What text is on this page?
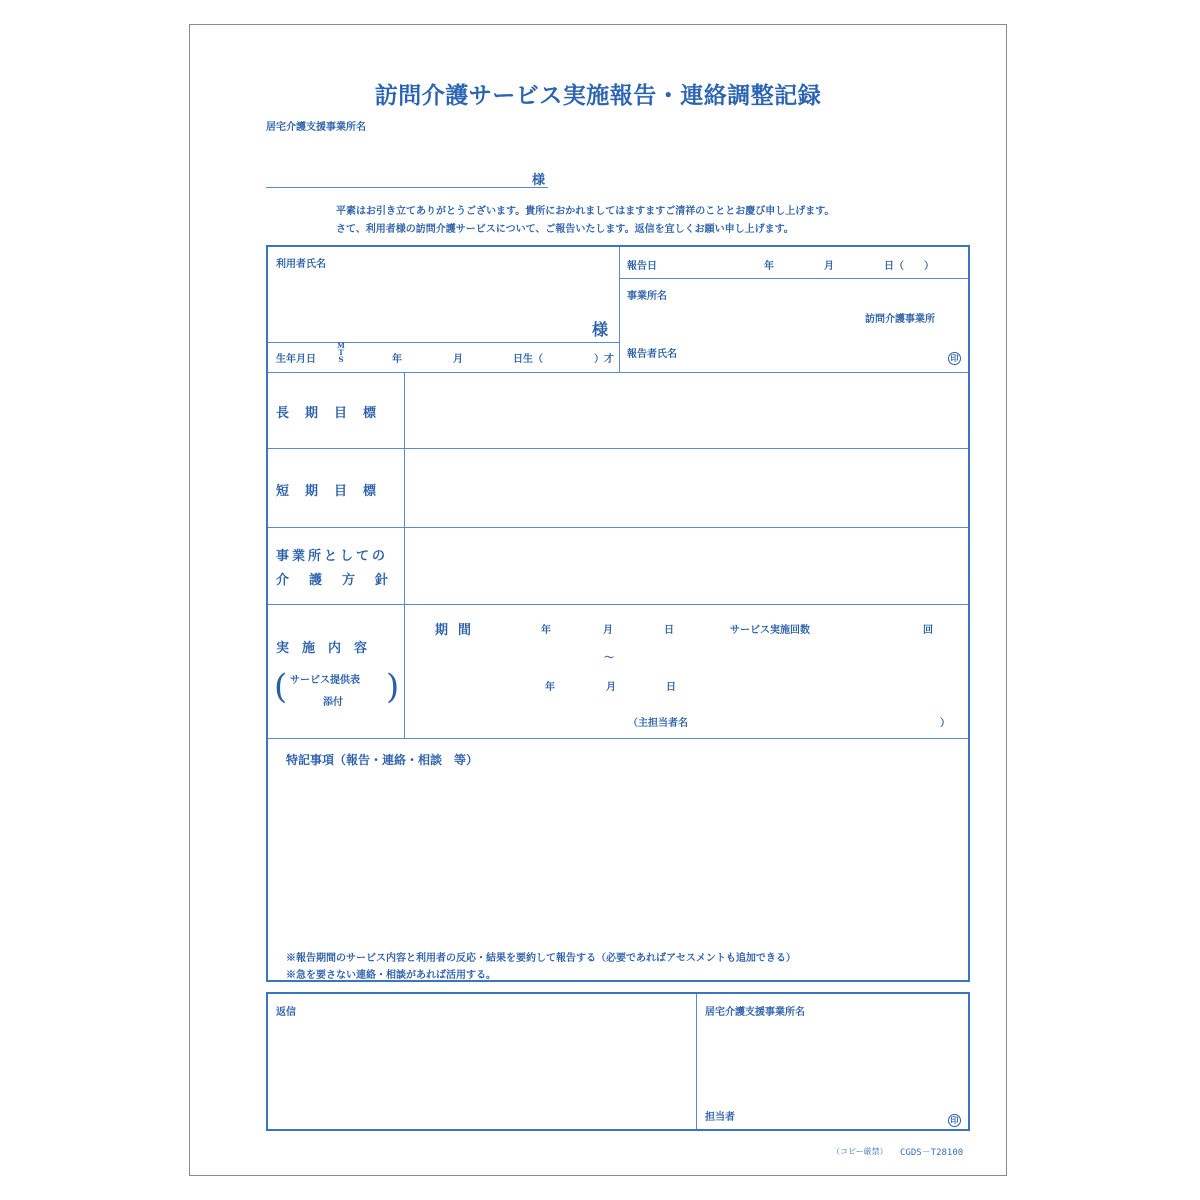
訪問介護サービス実施報告・連絡調整記録
居宅介護支援事業所名
様
平素はお引き立てありがとうございます。貴所におかれましてはますますご清祥のこととお慶び申し上げます。
さて、利用者様の訪問介護サービスについて、ご報告いたします。返信を宜しくお願い申し上げます。
利用者氏名
様
生年月日
M T S	年	月	日生（	）才
報告日	年	月	日（　　）
事業所名
訪問介護事業所
報告者氏名	印
長期目標
短期目標
事業所としての
介護方針
実施内容
( サービス提供表
添付 )
期間	年	月	日	サービス実施回数	回
～
年	月	日
（主担当者名	）
特記事項（報告・連絡・相談　等）
※報告期間のサービス内容と利用者の反応・結果を要約して報告する（必要であればアセスメントも追加できる）
※急を要さない連絡・相談があれば活用する。
返信	居宅介護支援事業所名
担当者	印
（コピー厳禁） CGDS－T28100
